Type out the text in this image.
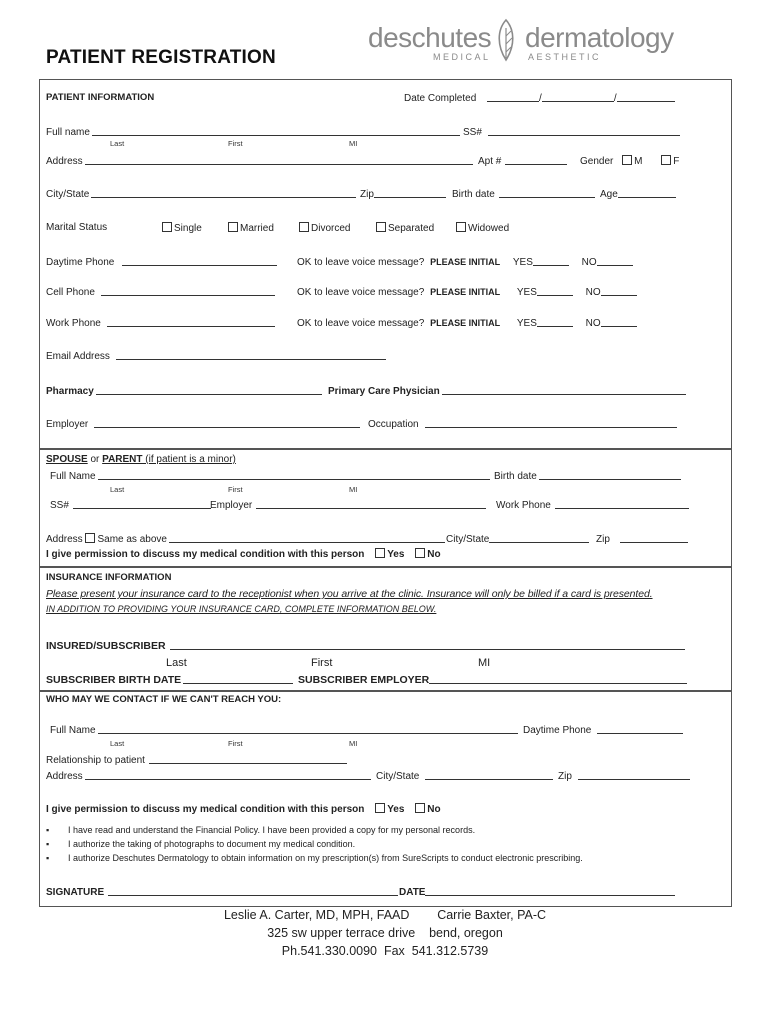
PATIENT REGISTRATION
deschutes dermatology
MEDICAL	AESTHETIC
PATIENT INFORMATION	Date Completed	/	/
Full name	SS#
Last	First	MI
Address	Apt #	Gender M	F
City/State	Zip	Birth date	Age
Marital Status	Single	Married	Divorced	Separated	Widowed
Daytime Phone	OK to leave voice message? PLEASE INITIAL YES	NO
Cell Phone	OK to leave voice message? PLEASE INITIAL YES	NO
Work Phone	OK to leave voice message? PLEASE INITIAL YES	NO
Email Address
Pharmacy	Primary Care Physician
Employer	Occupation
SPOUSE or PARENT (if patient is a minor)
Full Name	Birth date
Last	First	MI
SS#	Employer	Work Phone
Address Same as above	City/State	Zip
I give permission to discuss my medical condition with this person Yes No
INSURANCE INFORMATION
Please present your insurance card to the receptionist when you arrive at the clinic. Insurance will only be billed if a card is presented.
IN ADDITION TO PROVIDING YOUR INSURANCE CARD, COMPLETE INFORMATION BELOW.
INSURED/SUBSCRIBER
Last	First	MI
SUBSCRIBER BIRTH DATE	SUBSCRIBER EMPLOYER
WHO MAY WE CONTACT IF WE CAN'T REACH YOU:
Full Name	Daytime Phone
Last	First	MI
Relationship to patient
Address	City/State	Zip
I give permission to discuss my medical condition with this person Yes No
▪ I have read and understand the Financial Policy. I have been provided a copy for my personal records.
▪ I authorize the taking of photographs to document my medical condition.
▪ I authorize Deschutes Dermatology to obtain information on my prescription(s) from SureScripts to conduct electronic prescribing.
SIGNATURE	DATE
Leslie A. Carter, MD, MPH, FAAD        Carrie Baxter, PA-C
325 sw upper terrace drive    bend, oregon
Ph.541.330.0090  Fax  541.312.5739
